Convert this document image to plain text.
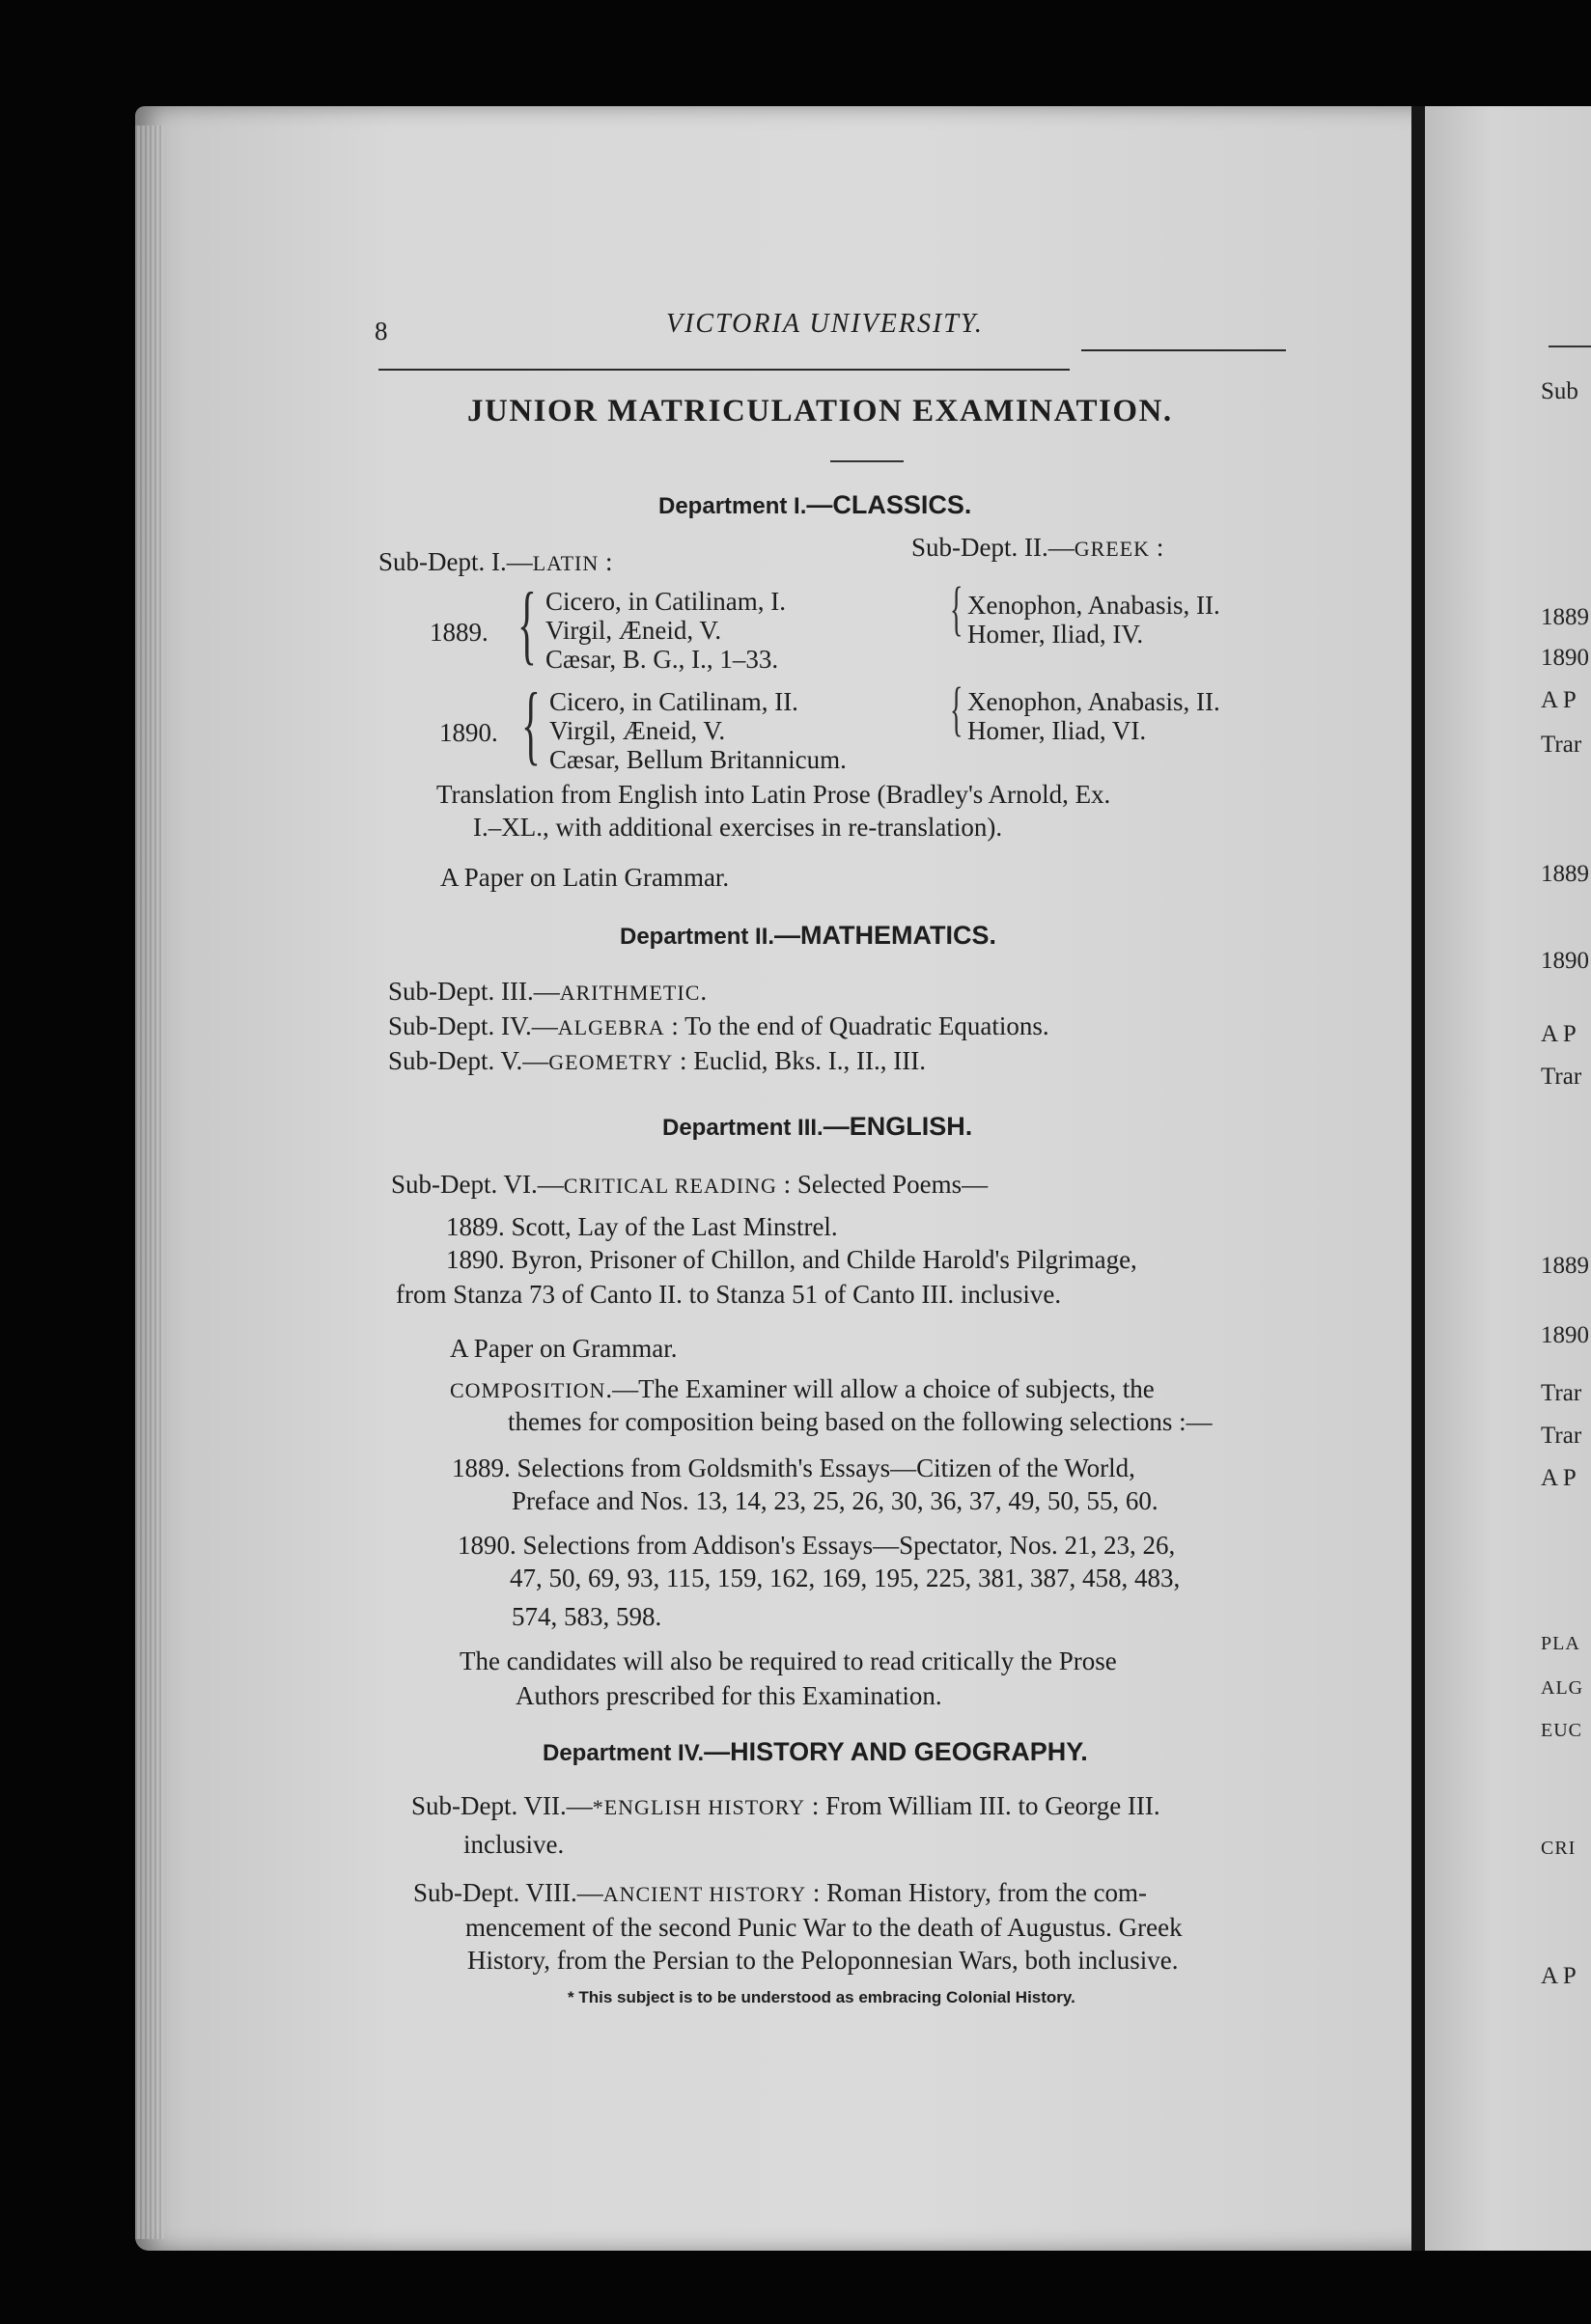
8	VICTORIA UNIVERSITY.
JUNIOR MATRICULATION EXAMINATION.
Department I.—CLASSICS.
Sub-Dept. I.—LATIN :	Sub-Dept. II.—GREEK :
1889. { Cicero, in Catilinam, I.
Virgil, Æneid, V.
Cæsar, B. G., I., 1–33.
{ Xenophon, Anabasis, II.
Homer, Iliad, IV.
1890. { Cicero, in Catilinam, II.
Virgil, Æneid, V.
Cæsar, Bellum Britannicum.
{ Xenophon, Anabasis, II.
Homer, Iliad, VI.
Translation from English into Latin Prose (Bradley's Arnold, Ex.
I.–XL., with additional exercises in re-translation).
A Paper on Latin Grammar.
Department II.—MATHEMATICS.
Sub-Dept. III.—ARITHMETIC.
Sub-Dept. IV.—ALGEBRA : To the end of Quadratic Equations.
Sub-Dept. V.—GEOMETRY : Euclid, Bks. I., II., III.
Department III.—ENGLISH.
Sub-Dept. VI.—CRITICAL READING : Selected Poems—
1889. Scott, Lay of the Last Minstrel.
1890. Byron, Prisoner of Chillon, and Childe Harold's Pilgrimage,
from Stanza 73 of Canto II. to Stanza 51 of Canto III. inclusive.
A Paper on Grammar.
COMPOSITION.—The Examiner will allow a choice of subjects, the
themes for composition being based on the following selections :—
1889. Selections from Goldsmith's Essays—Citizen of the World,
Preface and Nos. 13, 14, 23, 25, 26, 30, 36, 37, 49, 50, 55, 60.
1890. Selections from Addison's Essays—Spectator, Nos. 21, 23, 26,
47, 50, 69, 93, 115, 159, 162, 169, 195, 225, 381, 387, 458, 483,
574, 583, 598.
The candidates will also be required to read critically the Prose
Authors prescribed for this Examination.
Department IV.—HISTORY AND GEOGRAPHY.
Sub-Dept. VII.—*ENGLISH HISTORY : From William III. to George III.
inclusive.
Sub-Dept. VIII.—ANCIENT HISTORY : Roman History, from the com-
mencement of the second Punic War to the death of Augustus. Greek
History, from the Persian to the Peloponnesian Wars, both inclusive.
* This subject is to be understood as embracing Colonial History.
Sub
1889
1890
A P
Trar
1889
1890
A P
Trar
1889
1890
Trar
Trar
A P
PLA
ALG
EUC
CRI
A P
